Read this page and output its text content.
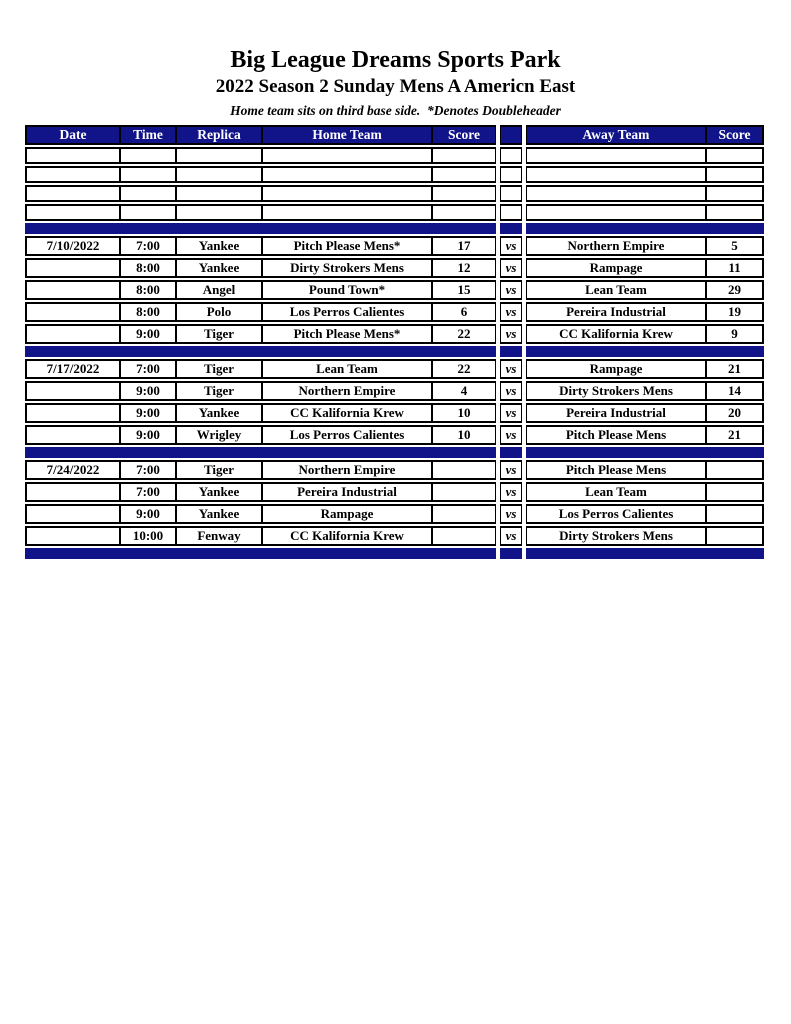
Big League Dreams Sports Park
2022 Season 2 Sunday Mens A Americn East
Home team sits on third base side.  *Denotes Doubleheader
Date	Time	Replica	Home Team	Score				Away Team	Score

7/10/2022	7:00	Yankee	Pitch Please Mens*	17		vs		Northern Empire	5
	8:00	Yankee	Dirty Strokers Mens	12		vs		Rampage	11
	8:00	Angel	Pound Town*	15		vs		Lean Team	29
	8:00	Polo	Los Perros Calientes	6		vs		Pereira Industrial	19
	9:00	Tiger	Pitch Please Mens*	22		vs		CC Kalifornia Krew	9

7/17/2022	7:00	Tiger	Lean Team	22		vs		Rampage	21
	9:00	Tiger	Northern Empire	4		vs		Dirty Strokers Mens	14
	9:00	Yankee	CC Kalifornia Krew	10		vs		Pereira Industrial	20
	9:00	Wrigley	Los Perros Calientes	10		vs		Pitch Please Mens	21

7/24/2022	7:00	Tiger	Northern Empire			vs		Pitch Please Mens	
	7:00	Yankee	Pereira Industrial			vs		Lean Team	
	9:00	Yankee	Rampage			vs		Los Perros Calientes	
	10:00	Fenway	CC Kalifornia Krew			vs		Dirty Strokers Mens	
